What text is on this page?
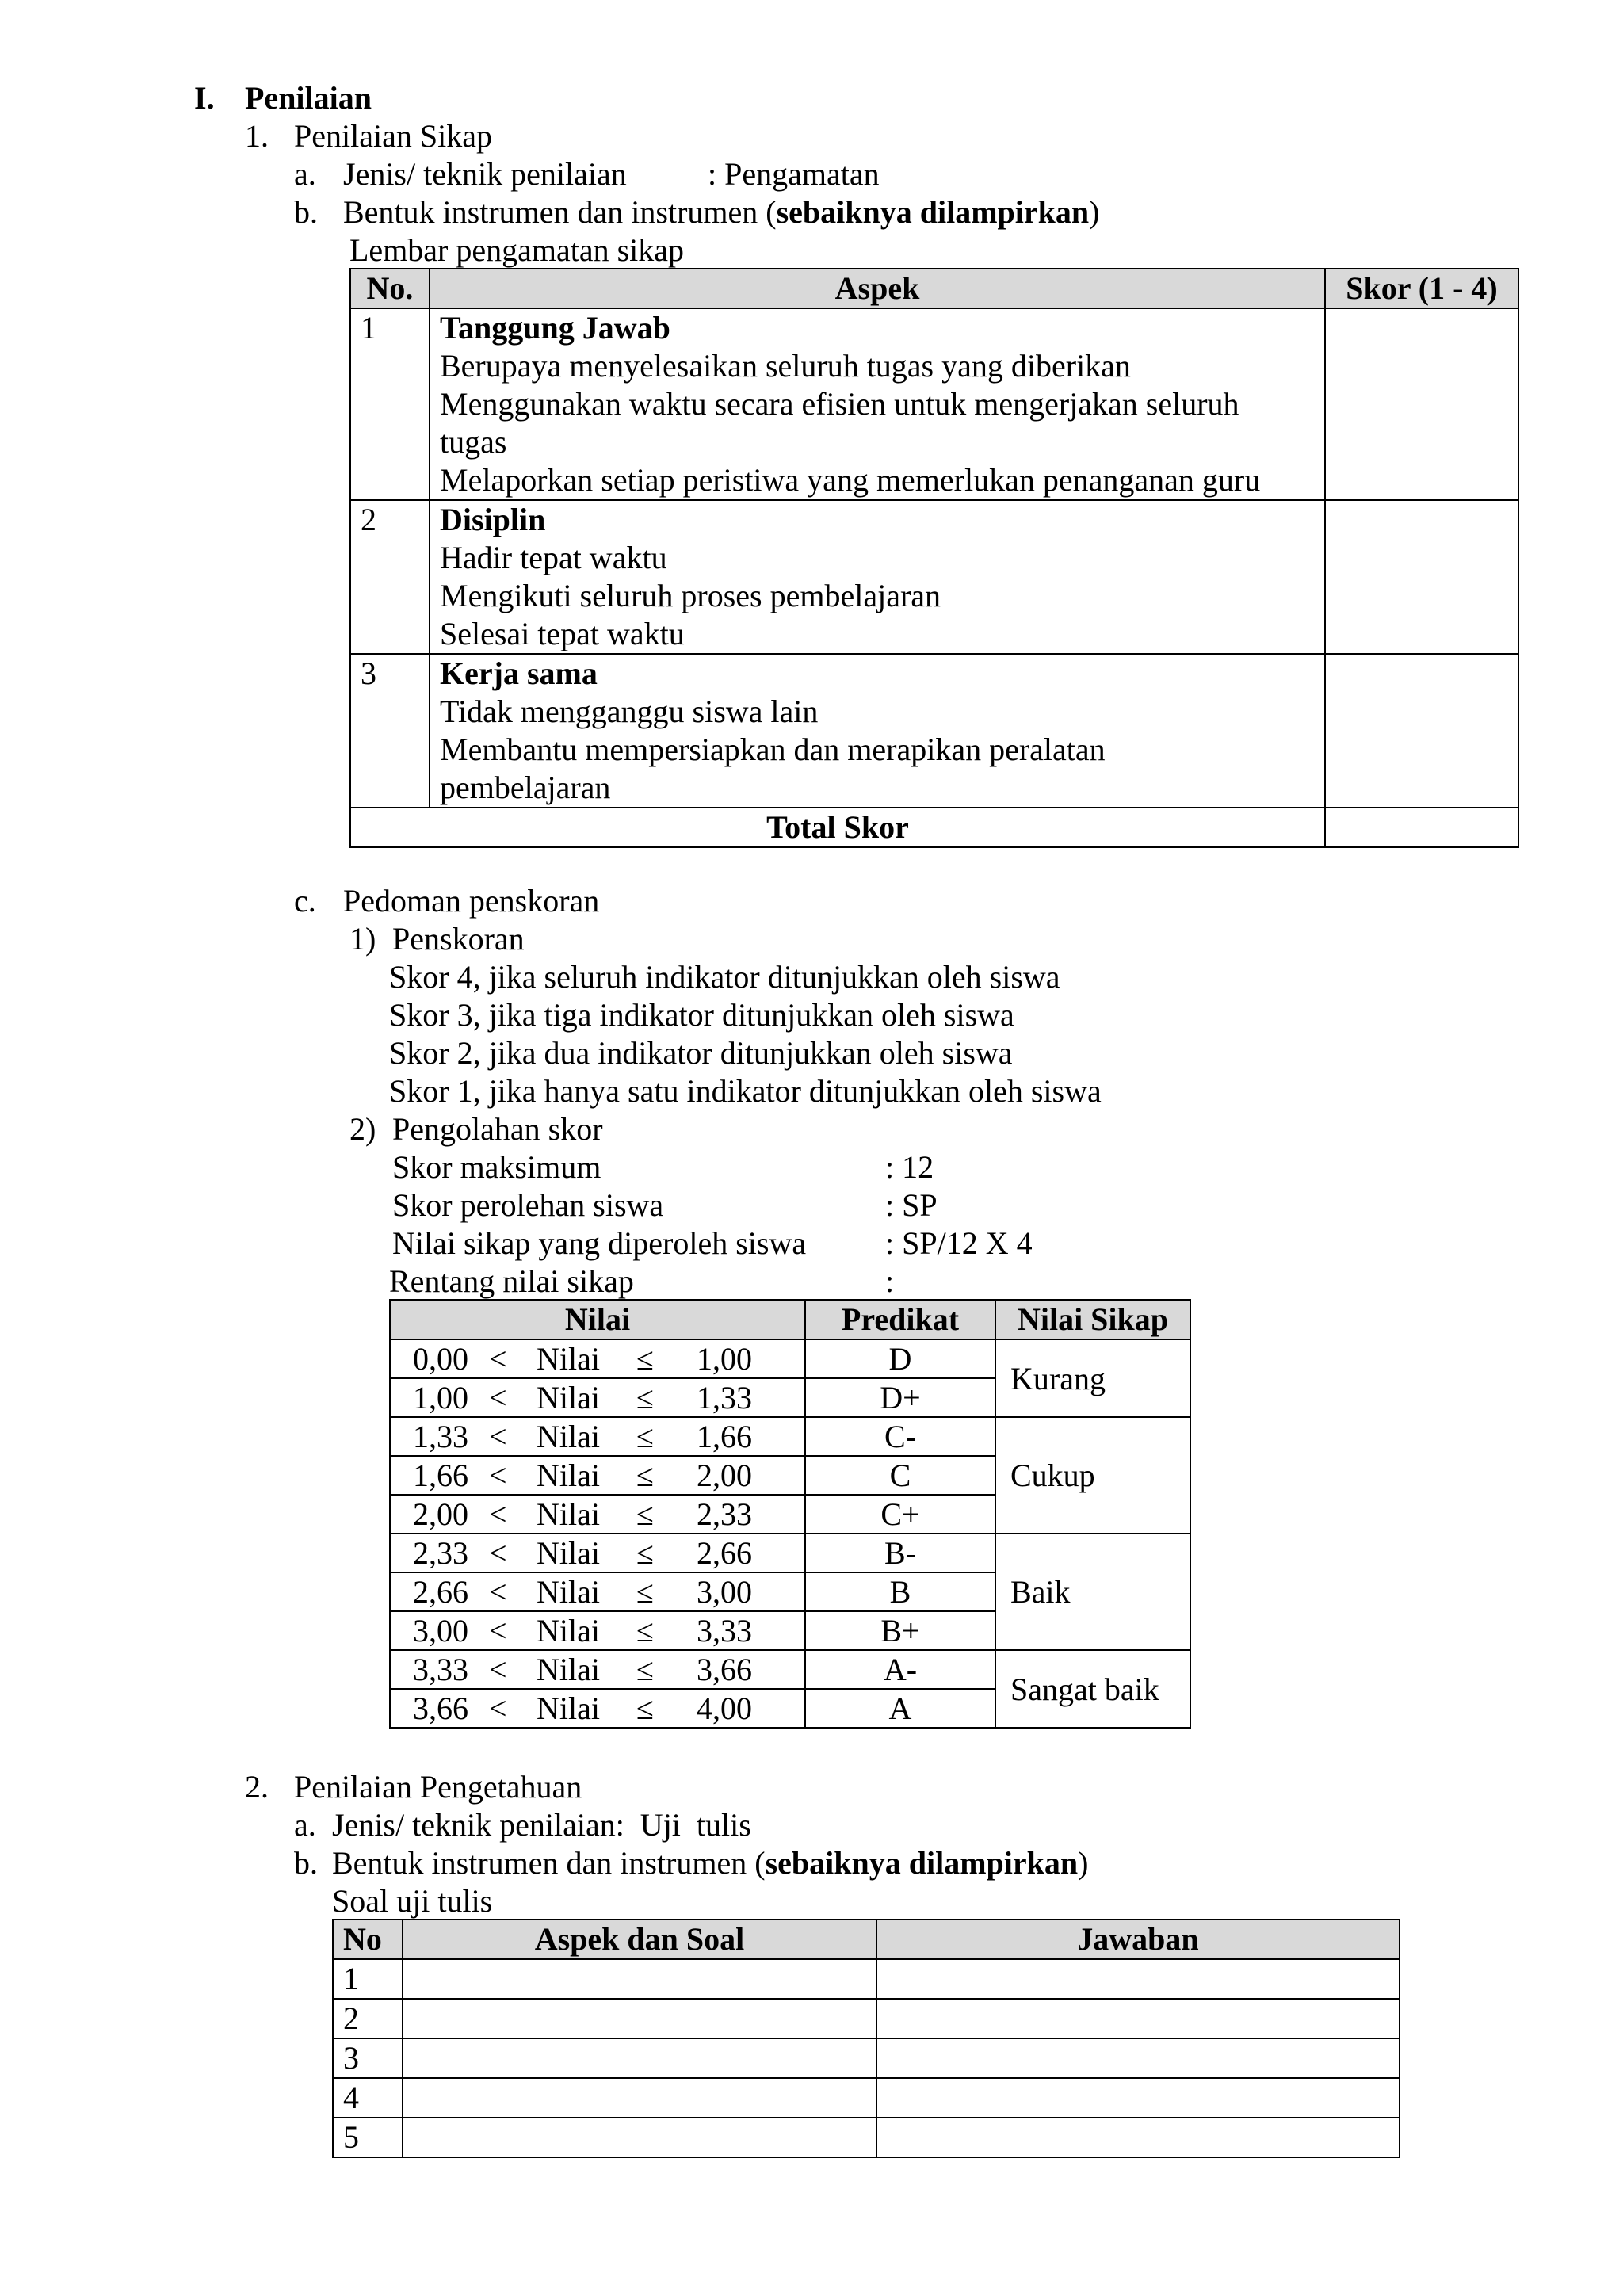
I. Penilaian
1. Penilaian Sikap
a. Jenis/ teknik penilaian	: Pengamatan
b. Bentuk instrumen dan instrumen (sebaiknya dilampirkan)
Lembar pengamatan sikap
No.	Aspek	Skor (1 - 4)
1	Tanggung Jawab
Berupaya menyelesaikan seluruh tugas yang diberikan
Menggunakan waktu secara efisien untuk mengerjakan seluruh
tugas
Melaporkan setiap peristiwa yang memerlukan penanganan guru	

2	Disiplin
Hadir tepat waktu
Mengikuti seluruh proses pembelajaran
Selesai tepat waktu	

3	Kerja sama
Tidak mengganggu siswa lain
Membantu mempersiapkan dan merapikan peralatan
pembelajaran	

Total Skor		
c. Pedoman penskoran
1) Penskoran
Skor 4, jika seluruh indikator ditunjukkan oleh siswa
Skor 3, jika tiga indikator ditunjukkan oleh siswa
Skor 2, jika dua indikator ditunjukkan oleh siswa
Skor 1, jika hanya satu indikator ditunjukkan oleh siswa
2) Pengolahan skor
Skor maksimum	: 12
Skor perolehan siswa	: SP
Nilai sikap yang diperoleh siswa : SP/12 X 4
Rentang nilai sikap	:
Nilai	Predikat	Nilai Sikap
0,00 < Nilai ≤ 1,00	D	Kurang
1,00 < Nilai ≤ 1,33	D+	
1,33 < Nilai ≤ 1,66	C-	Cukup
1,66 < Nilai ≤ 2,00	C	
2,00 < Nilai ≤ 2,33	C+	
2,33 < Nilai ≤ 2,66	B-	Baik
2,66 < Nilai ≤ 3,00	B	
3,00 < Nilai ≤ 3,33	B+	
3,33 < Nilai ≤ 3,66	A-	Sangat baik
3,66 < Nilai ≤ 4,00	A	
2. Penilaian Pengetahuan
a. Jenis/ teknik penilaian:  Uji  tulis
b. Bentuk instrumen dan instrumen (sebaiknya dilampirkan)
Soal uji tulis
No	Aspek dan Soal	Jawaban
1		
2		
3		
4		
5		
